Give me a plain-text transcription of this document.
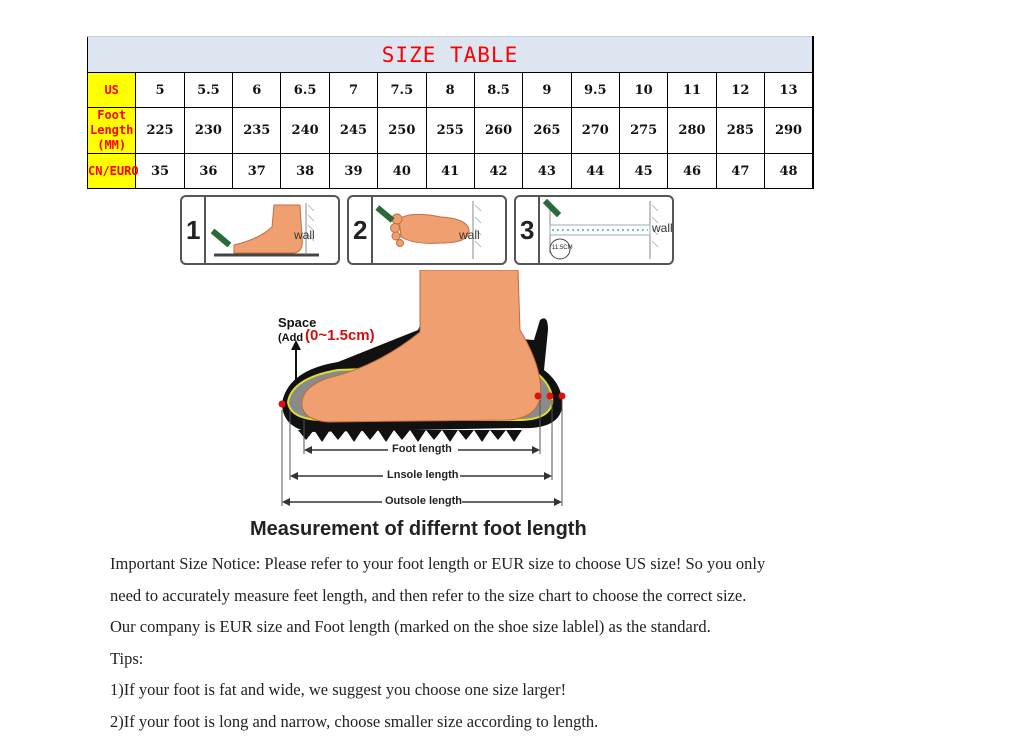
SIZE TABLE														
US	5	5.5	6	6.5	7	7.5	8	8.5	9	9.5	10	11	12	13
Foot Length
(MM)	225	230	235	240	245	250	255	260	265	270	275	280	285	290
CN/EURO	35	36	37	38	39	40	41	42	43	44	45	46	47	48
1	wall 2	wall 3
11.5CM
wall
Space
(Add (0~1.5cm)
Foot length
Lnsole length
Outsole length
Measurement of differnt foot length

Important Size Notice: Please refer to your foot length or EUR size to choose US size! So you only

need to accurately measure feet length, and then refer to the size chart to choose the correct size.

Our company is EUR size and Foot length (marked on the shoe size lablel) as the standard.

Tips:

1)If your foot is fat and wide, we suggest you choose one size larger!

2)If your foot is long and narrow, choose smaller size according to length.
